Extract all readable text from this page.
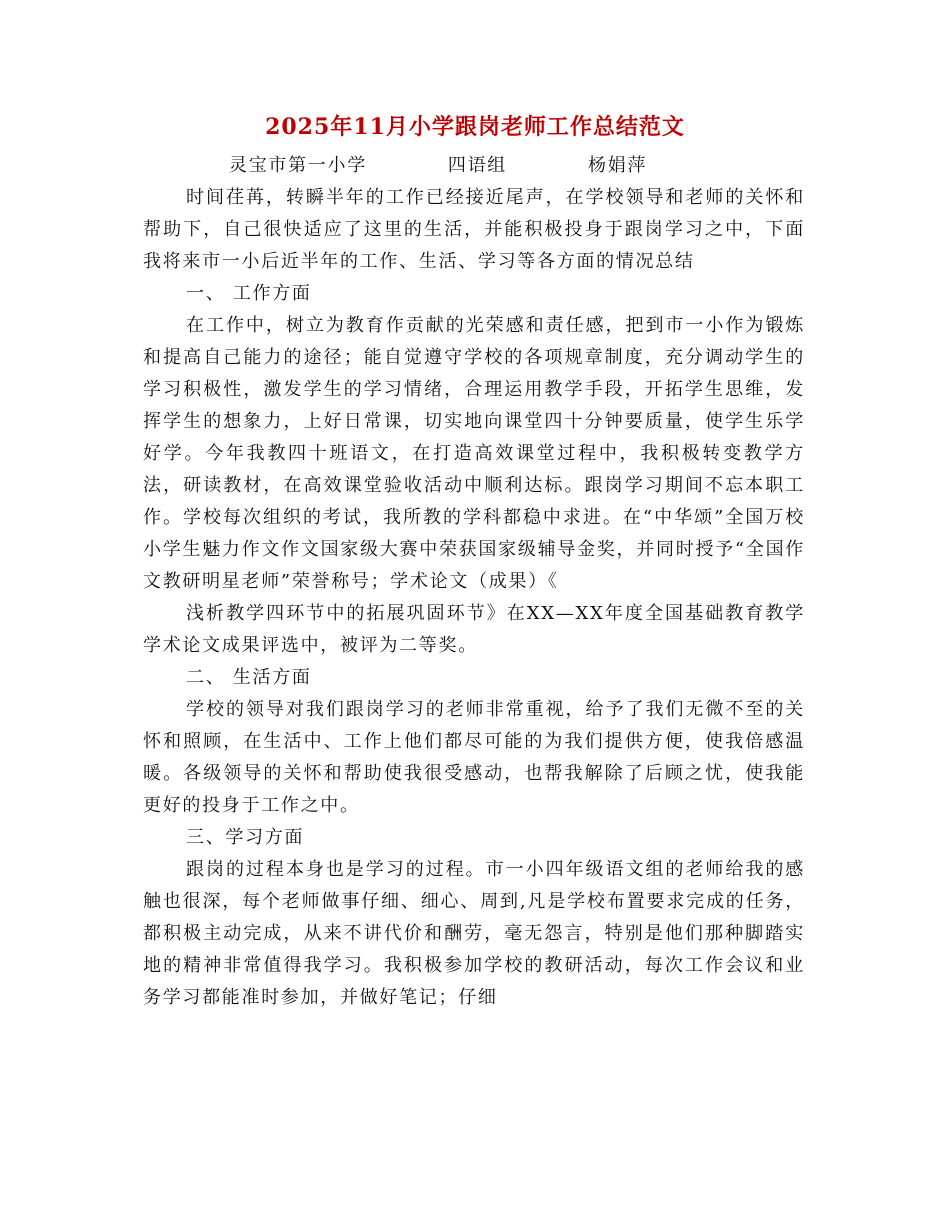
2025年11月小学跟岗老师工作总结范文

灵宝市第一小学	四语组	杨娟萍

时间荏苒，转瞬半年的工作已经接近尾声，在学校领导和老师的关怀和帮助下，自己很快适应了这里的生活，并能积极投身于跟岗学习之中，下面我将来市一小后近半年的工作、生活、学习等各方面的情况总结

一、 工作方面

在工作中，树立为教育作贡献的光荣感和责任感，把到市一小作为锻炼和提高自己能力的途径；能自觉遵守学校的各项规章制度，充分调动学生的学习积极性，激发学生的学习情绪，合理运用教学手段，开拓学生思维，发挥学生的想象力，上好日常课，切实地向课堂四十分钟要质量，使学生乐学好学。今年我教四十班语文，在打造高效课堂过程中，我积极转变教学方法，研读教材，在高效课堂验收活动中顺利达标。跟岗学习期间不忘本职工作。学校每次组织的考试，我所教的学科都稳中求进。在“中华颂”全国万校小学生魅力作文作文国家级大赛中荣获国家级辅导金奖，并同时授予“全国作文教研明星老师”荣誉称号；学术论文（成果）《

浅析教学四环节中的拓展巩固环节》在XX—XX年度全国基础教育教学学术论文成果评选中，被评为二等奖。

二、 生活方面

学校的领导对我们跟岗学习的老师非常重视，给予了我们无微不至的关怀和照顾，在生活中、工作上他们都尽可能的为我们提供方便，使我倍感温暖。各级领导的关怀和帮助使我很受感动，也帮我解除了后顾之忧，使我能更好的投身于工作之中。

三、学习方面

跟岗的过程本身也是学习的过程。市一小四年级语文组的老师给我的感触也很深，每个老师做事仔细、细心、周到,凡是学校布置要求完成的任务，都积极主动完成，从来不讲代价和酬劳，毫无怨言，特别是他们那种脚踏实地的精神非常值得我学习。我积极参加学校的教研活动，每次工作会议和业务学习都能准时参加，并做好笔记；仔细
